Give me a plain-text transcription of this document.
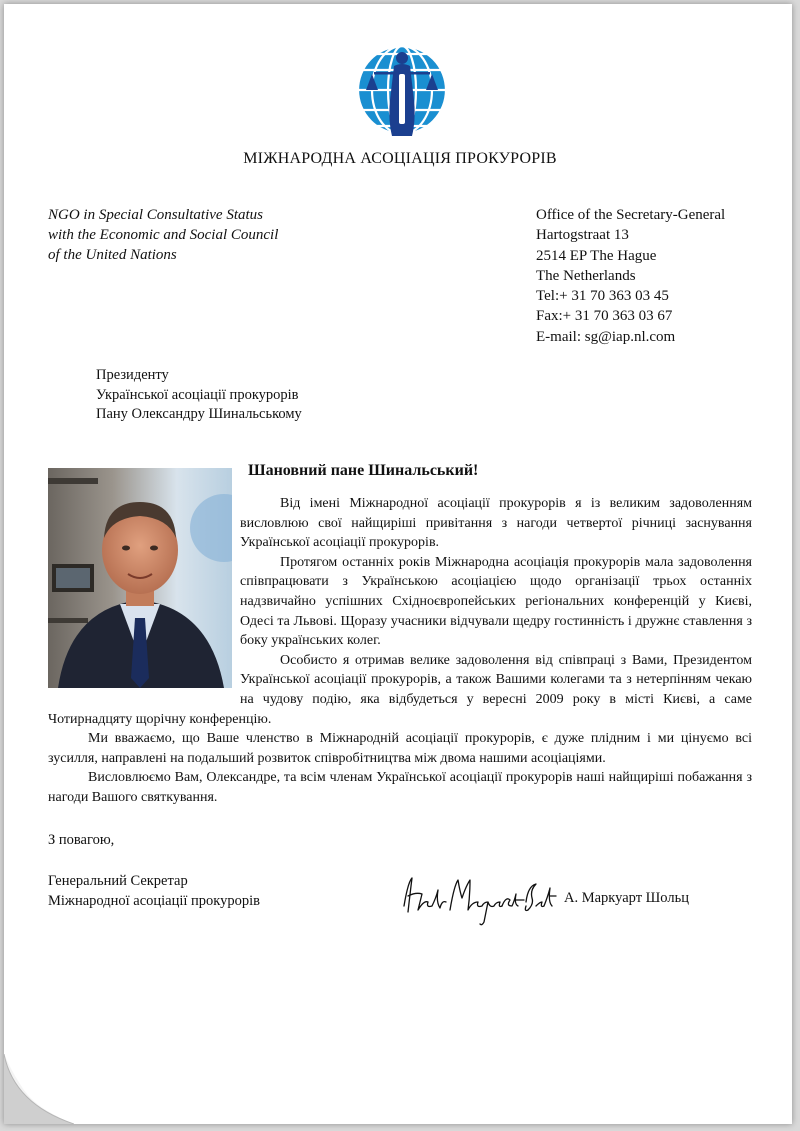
МІЖНАРОДНА АСОЦІАЦІЯ ПРОКУРОРІВ
NGO in Special Consultative Status
with the Economic and Social Council
of the United Nations
Office of the Secretary-General
Hartogstraat 13
2514 EP The Hague
The Netherlands
Tel:+ 31 70 363 03 45
Fax:+ 31 70 363 03 67
E-mail: sg@iap.nl.com
Президенту
Української асоціації прокурорів
Пану Олександру Шинальському
Шановний пане Шинальський!

Від імені Міжнародної асоціації прокурорів я із великим задоволенням висловлюю свої найщиріші привітання з нагоди четвертої річниці заснування Української асоціації прокурорів.

Протягом останніх років Міжнародна асоціація прокурорів мала задоволення співпрацювати з Українською асоціацією щодо організації трьох останніх надзвичайно успішних Східноєвропейських регіональних конференцій у Києві, Одесі та Львові. Щоразу учасники відчували щедру гостинність і дружнє ставлення з боку українських колег.

Особисто я отримав велике задоволення від співпраці з Вами, Президентом Української асоціації прокурорів, а також Вашими колегами та з нетерпінням чекаю на чудову подію, яка відбудеться у вересні 2009 року в місті Києві, а саме Чотирнадцяту щорічну конференцію.

Ми вважаємо, що Ваше членство в Міжнародній асоціації прокурорів, є дуже плідним і ми цінуємо всі зусилля, направлені на подальший розвиток співробітництва між двома нашими асоціаціями.

Висловлюємо Вам, Олександре, та всім членам Української асоціації прокурорів наші найщиріші побажання з нагоди Вашого святкування.

З повагою,
Генеральний Секретар
Міжнародної асоціації прокурорів	А. Маркуарт Шольц
